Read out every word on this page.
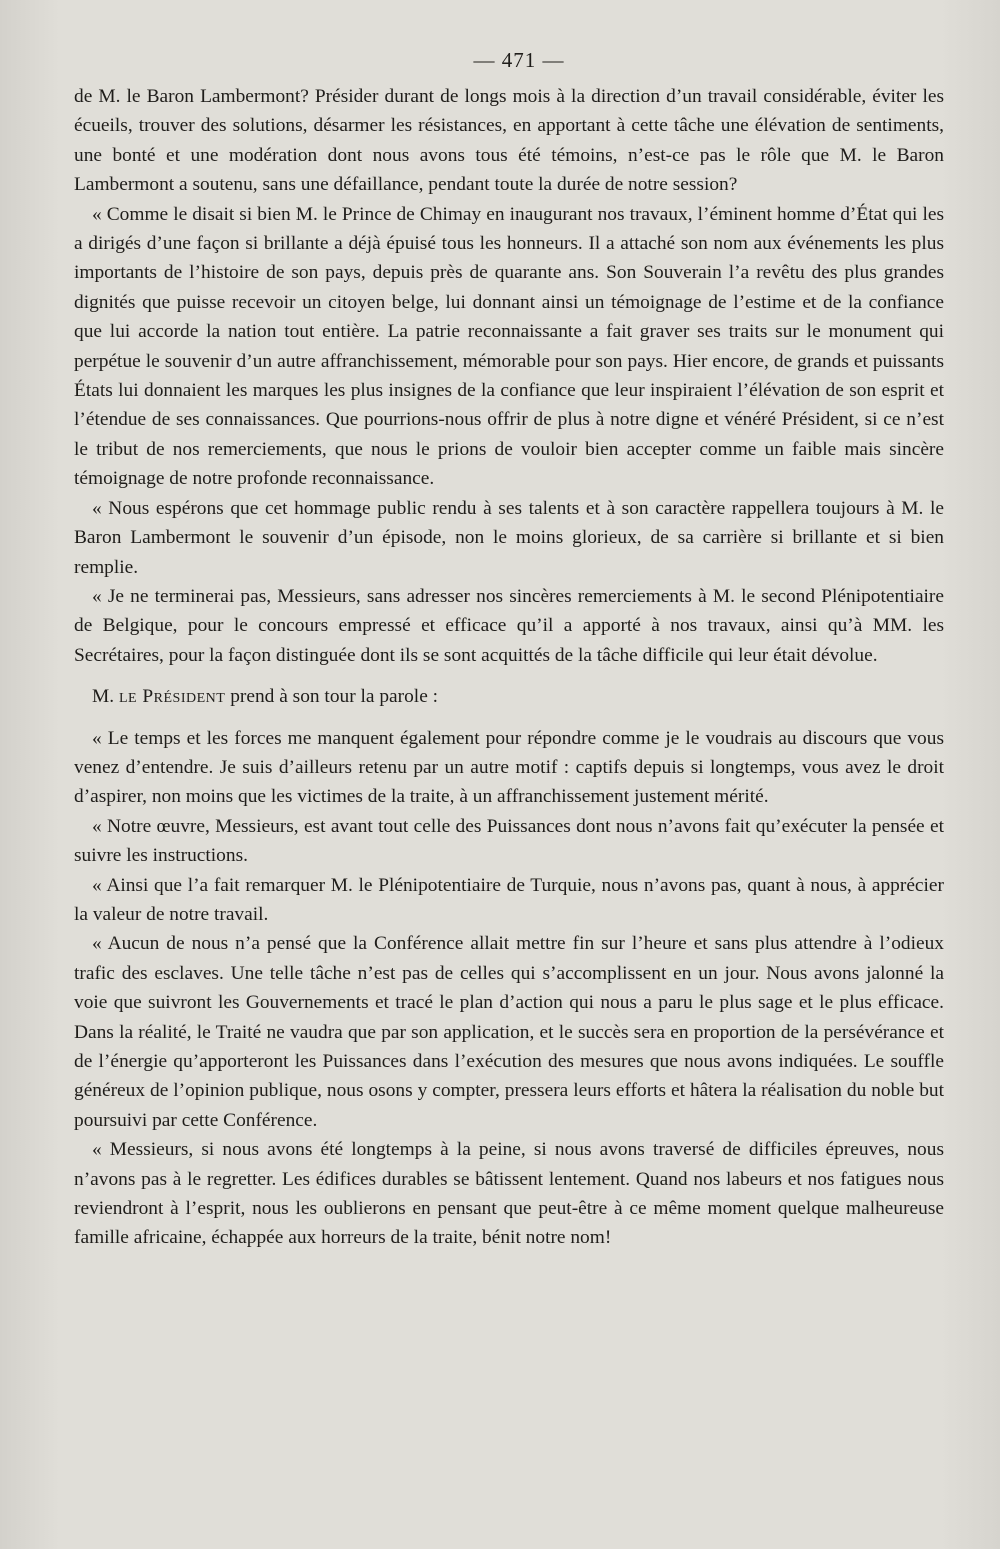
— 471 —

de M. le Baron Lambermont? Présider durant de longs mois à la direction d’un travail considérable, éviter les écueils, trouver des solutions, désarmer les résistances, en apportant à cette tâche une élévation de sentiments, une bonté et une modération dont nous avons tous été témoins, n’est-ce pas le rôle que M. le Baron Lambermont a soutenu, sans une défaillance, pendant toute la durée de notre session?

« Comme le disait si bien M. le Prince de Chimay en inaugurant nos travaux, l’éminent homme d’État qui les a dirigés d’une façon si brillante a déjà épuisé tous les honneurs. Il a attaché son nom aux événements les plus importants de l’histoire de son pays, depuis près de quarante ans. Son Souverain l’a revêtu des plus grandes dignités que puisse recevoir un citoyen belge, lui donnant ainsi un témoignage de l’estime et de la confiance que lui accorde la nation tout entière. La patrie reconnaissante a fait graver ses traits sur le monument qui perpétue le souvenir d’un autre affranchissement, mémorable pour son pays. Hier encore, de grands et puissants États lui donnaient les marques les plus insignes de la confiance que leur inspiraient l’élévation de son esprit et l’étendue de ses connaissances. Que pourrions-nous offrir de plus à notre digne et vénéré Président, si ce n’est le tribut de nos remerciements, que nous le prions de vouloir bien accepter comme un faible mais sincère témoignage de notre profonde reconnaissance.

« Nous espérons que cet hommage public rendu à ses talents et à son caractère rappellera toujours à M. le Baron Lambermont le souvenir d’un épisode, non le moins glorieux, de sa carrière si brillante et si bien remplie.

« Je ne terminerai pas, Messieurs, sans adresser nos sincères remerciements à M. le second Plénipotentiaire de Belgique, pour le concours empressé et efficace qu’il a apporté à nos travaux, ainsi qu’à MM. les Secrétaires, pour la façon distinguée dont ils se sont acquittés de la tâche difficile qui leur était dévolue.

M. le Président prend à son tour la parole :

« Le temps et les forces me manquent également pour répondre comme je le voudrais au discours que vous venez d’entendre. Je suis d’ailleurs retenu par un autre motif : captifs depuis si longtemps, vous avez le droit d’aspirer, non moins que les victimes de la traite, à un affranchissement justement mérité.

« Notre œuvre, Messieurs, est avant tout celle des Puissances dont nous n’avons fait qu’exécuter la pensée et suivre les instructions.

« Ainsi que l’a fait remarquer M. le Plénipotentiaire de Turquie, nous n’avons pas, quant à nous, à apprécier la valeur de notre travail.

« Aucun de nous n’a pensé que la Conférence allait mettre fin sur l’heure et sans plus attendre à l’odieux trafic des esclaves. Une telle tâche n’est pas de celles qui s’accomplissent en un jour. Nous avons jalonné la voie que suivront les Gouvernements et tracé le plan d’action qui nous a paru le plus sage et le plus efficace. Dans la réalité, le Traité ne vaudra que par son application, et le succès sera en proportion de la persévérance et de l’énergie qu’apporteront les Puissances dans l’exécution des mesures que nous avons indiquées. Le souffle généreux de l’opinion publique, nous osons y compter, pressera leurs efforts et hâtera la réalisation du noble but poursuivi par cette Conférence.

« Messieurs, si nous avons été longtemps à la peine, si nous avons traversé de difficiles épreuves, nous n’avons pas à le regretter. Les édifices durables se bâtissent lentement. Quand nos labeurs et nos fatigues nous reviendront à l’esprit, nous les oublierons en pensant que peut-être à ce même moment quelque malheureuse famille africaine, échappée aux horreurs de la traite, bénit notre nom!
